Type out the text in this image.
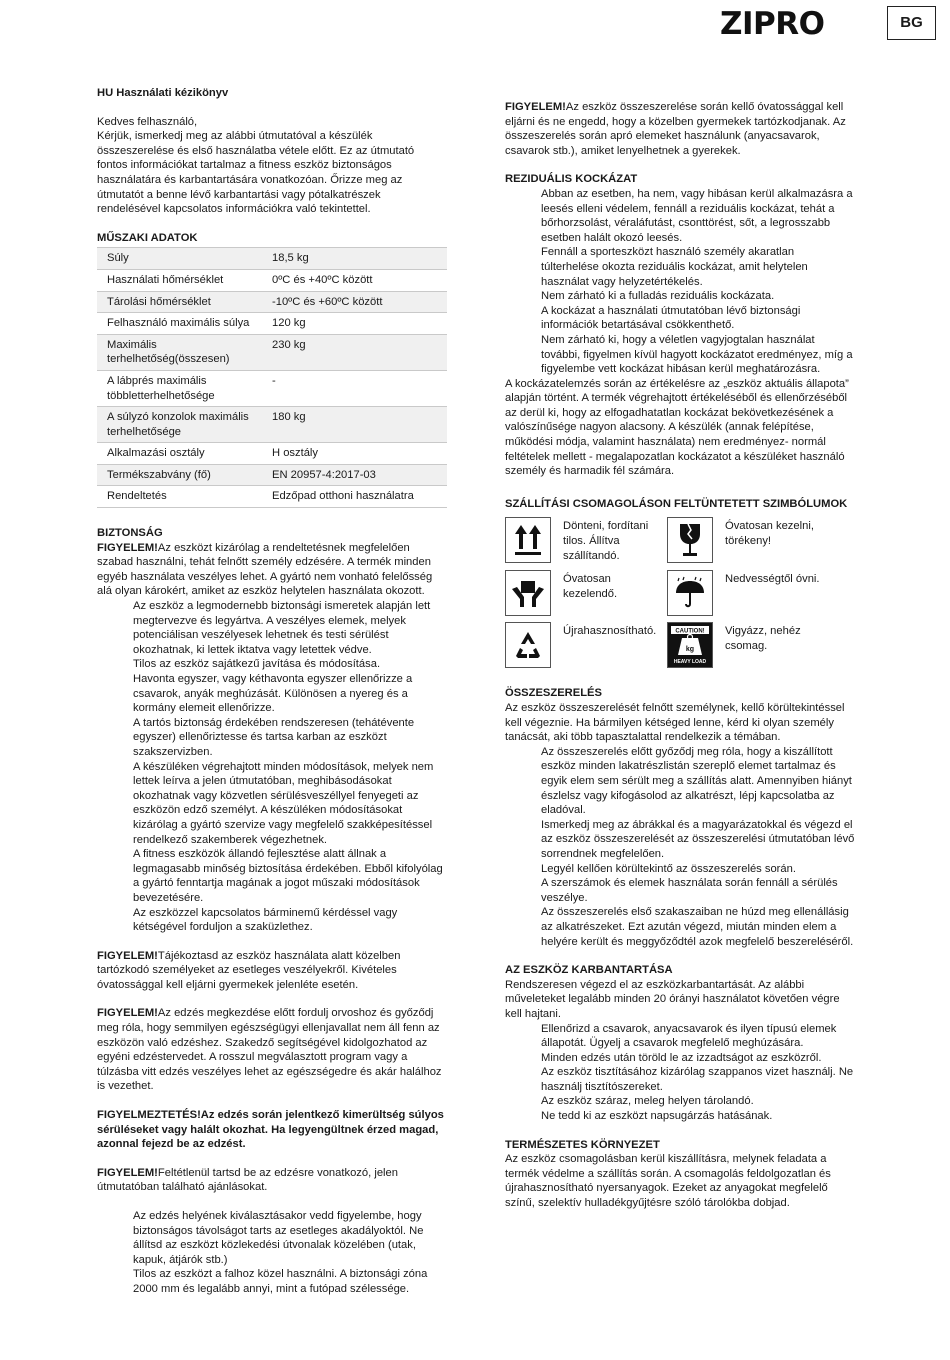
ZIPRO	BG

HU Használati kézikönyv

Kedves felhasználó,

Kérjük, ismerkedj meg az alábbi útmutatóval a készülék összeszerelése és első használatba vétele előtt. Ez az útmutató fontos információkat tartalmaz a fitness eszköz biztonságos használatára és karbantartására vonatkozóan. Őrizze meg az útmutatót a benne lévő karbantartási vagy pótalkatrészek rendelésével kapcsolatos információkra való tekintettel.

MŰSZAKI ADATOK

Súly	18,5 kg
Használati hőmérséklet	0ºC és +40ºC között
Tárolási hőmérséklet	-10ºC és +60ºC között
Felhasználó maximális súlya	120 kg
Maximális terhelhetőség(összesen)	230 kg
A lábprés maximális többletterhelhetősége	-
A súlyzó konzolok maximális terhelhetősége	180 kg
Alkalmazási osztály	H osztály
Termékszabvány (fő)	EN 20957-4:2017-03
Rendeltetés	Edzőpad otthoni használatra

BIZTONSÁG

FIGYELEM!Az eszközt kizárólag a rendeltetésnek megfelelően szabad használni, tehát felnőtt személy edzésére. A termék minden egyéb használata veszélyes lehet. A gyártó nem vonható felelősség alá olyan károkért, amiket az eszköz helytelen használata okozott.

Az eszköz a legmodernebb biztonsági ismeretek alapján lett megtervezve és legyártva. A veszélyes elemek, melyek potenciálisan veszélyesek lehetnek és testi sérülést okozhatnak, ki lettek iktatva vagy letettek védve.

Tilos az eszköz sajátkezű javítása és módosítása.

Havonta egyszer, vagy kéthavonta egyszer ellenőrizze a csavarok, anyák meghúzását. Különösen a nyereg és a kormány elemeit ellenőrizze.

A tartós biztonság érdekében rendszeresen (tehátévente egyszer) ellenőriztesse és tartsa karban az eszközt szakszervizben.

A készüléken végrehajtott minden módosítások, melyek nem lettek leírva a jelen útmutatóban, meghibásodásokat okozhatnak vagy közvetlen sérülésveszéllyel fenyegeti az eszközön edző személyt. A készüléken módosításokat kizárólag a gyártó szervize vagy megfelelő szakképesítéssel rendelkező szakemberek végezhetnek.

A fitness eszközök állandó fejlesztése alatt állnak a legmagasabb minőség biztosítása érdekében. Ebből kifolyólag a gyártó fenntartja magának a jogot műszaki módosítások bevezetésére.

Az eszközzel kapcsolatos bárminemű kérdéssel vagy kétségével forduljon a szaküzlethez.

FIGYELEM!Tájékoztasd az eszköz használata alatt közelben tartózkodó személyeket az esetleges veszélyekről. Kivételes óvatossággal kell eljárni gyermekek jelenléte esetén.

FIGYELEM!Az edzés megkezdése előtt fordulj orvoshoz és győződj meg róla, hogy semmilyen egészségügyi ellenjavallat nem áll fenn az eszközön való edzéshez. Szakedző segítségével kidolgozhatod az egyéni edzéstervedet. A rosszul megválasztott program vagy a túlzásba vitt edzés veszélyes lehet az egészségedre és akár halálhoz is vezethet.

FIGYELMEZTETÉS!Az edzés során jelentkező kimerültség súlyos sérüléseket vagy halált okozhat. Ha legyengültnek érzed magad, azonnal fejezd be az edzést.

FIGYELEM!Feltétlenül tartsd be az edzésre vonatkozó, jelen útmutatóban található ajánlásokat.

Az edzés helyének kiválasztásakor vedd figyelembe, hogy biztonságos távolságot tarts az esetleges akadályoktól. Ne állítsd az eszközt közlekedési útvonalak közelében (utak, kapuk, átjárók stb.)

Tilos az eszközt a falhoz közel használni. A biztonsági zóna 2000 mm és legalább annyi, mint a futópad szélessége.

FIGYELEM!Az eszköz összeszerelése során kellő óvatossággal kell eljárni és ne engedd, hogy a közelben gyermekek tartózkodjanak. Az összeszerelés során apró elemeket használunk (anyacsavarok, csavarok stb.), amiket lenyelhetnek a gyerekek.

REZIDUÁLIS KOCKÁZAT

Abban az esetben, ha nem, vagy hibásan kerül alkalmazásra a leesés elleni védelem, fennáll a reziduális kockázat, tehát a bőrhorzsolást, véraláfutást, csonttörést, sőt, a legrosszabb esetben halált okozó leesés.

Fennáll a sporteszközt használó személy akaratlan túlterhelése okozta reziduális kockázat, amit helytelen használat vagy helyzetértékelés.

Nem zárható ki a fulladás reziduális kockázata.

A kockázat a használati útmutatóban lévő biztonsági információk betartásával csökkenthető.

Nem zárható ki, hogy a véletlen vagyjogtalan használat további, figyelmen kívül hagyott kockázatot eredményez, míg a figyelembe vett kockázat hibásan kerül meghatározásra.

A kockázatelemzés során az értékelésre az „eszköz aktuális állapota” alapján történt. A termék végrehajtott értékeléséből és ellenőrzéséből az derül ki, hogy az elfogadhatatlan kockázat bekövetkezésének a valószínűsége nagyon alacsony. A készülék (annak felépítése, működési módja, valamint használata) nem eredményez- normál feltételek mellett - megalapozatlan kockázatot a készüléket használó személy és harmadik fél számára.

SZÁLLÍTÁSI CSOMAGOLÁSON FELTÜNTETETT SZIMBÓLUMOK

Dönteni, fordítani tilos. Állítva szállítandó.
Óvatosan kezelni, törékeny!
Óvatosan kezelendő.
Nedvességtől óvni.
Újrahasznosítható.	CAUTION!
kg
HEAVY LOAD
Vigyázz, nehéz csomag.

ÖSSZESZERELÉS

Az eszköz összeszerelését felnőtt személynek, kellő körültekintéssel kell végeznie. Ha bármilyen kétséged lenne, kérd ki olyan személy tanácsát, aki több tapasztalattal rendelkezik a témában.

Az összeszerelés előtt győződj meg róla, hogy a kiszállított eszköz minden lakatrészlistán szereplő elemet tartalmaz és egyik elem sem sérült meg a szállítás alatt. Amennyiben hiányt észlelsz vagy kifogásolod az alkatrészt, lépj kapcsolatba az eladóval.

Ismerkedj meg az ábrákkal és a magyarázatokkal és végezd el az eszköz összeszerelését az összeszerelési útmutatóban lévő sorrendnek megfelelően.

Legyél kellően körültekintő az összeszerelés során.

A szerszámok és elemek használata során fennáll a sérülés veszélye.

Az összeszerelés első szakaszaiban ne húzd meg ellenállásig az alkatrészeket. Ezt azután végezd, miután minden elem a helyére került és meggyőződtél azok megfelelő beszereléséről.

AZ ESZKÖZ KARBANTARTÁSA

Rendszeresen végezd el az eszközkarbantartását. Az alábbi műveleteket legalább minden 20 órányi használatot követően végre kell hajtani.

Ellenőrizd a csavarok, anyacsavarok és ilyen típusú elemek állapotát. Ügyelj a csavarok megfelelő meghúzására.

Minden edzés után töröld le az izzadtságot az eszközről.

Az eszköz tisztításához kizárólag szappanos vizet használj. Ne használj tisztítószereket.

Az eszköz száraz, meleg helyen tárolandó.

Ne tedd ki az eszközt napsugárzás hatásának.

TERMÉSZETES KÖRNYEZET

Az eszköz csomagolásban kerül kiszállításra, melynek feladata a termék védelme a szállítás során. A csomagolás feldolgozatlan és újrahasznosítható nyersanyagok. Ezeket az anyagokat megfelelő színű, szelektív hulladékgyűjtésre szóló tárolókba dobjad.
